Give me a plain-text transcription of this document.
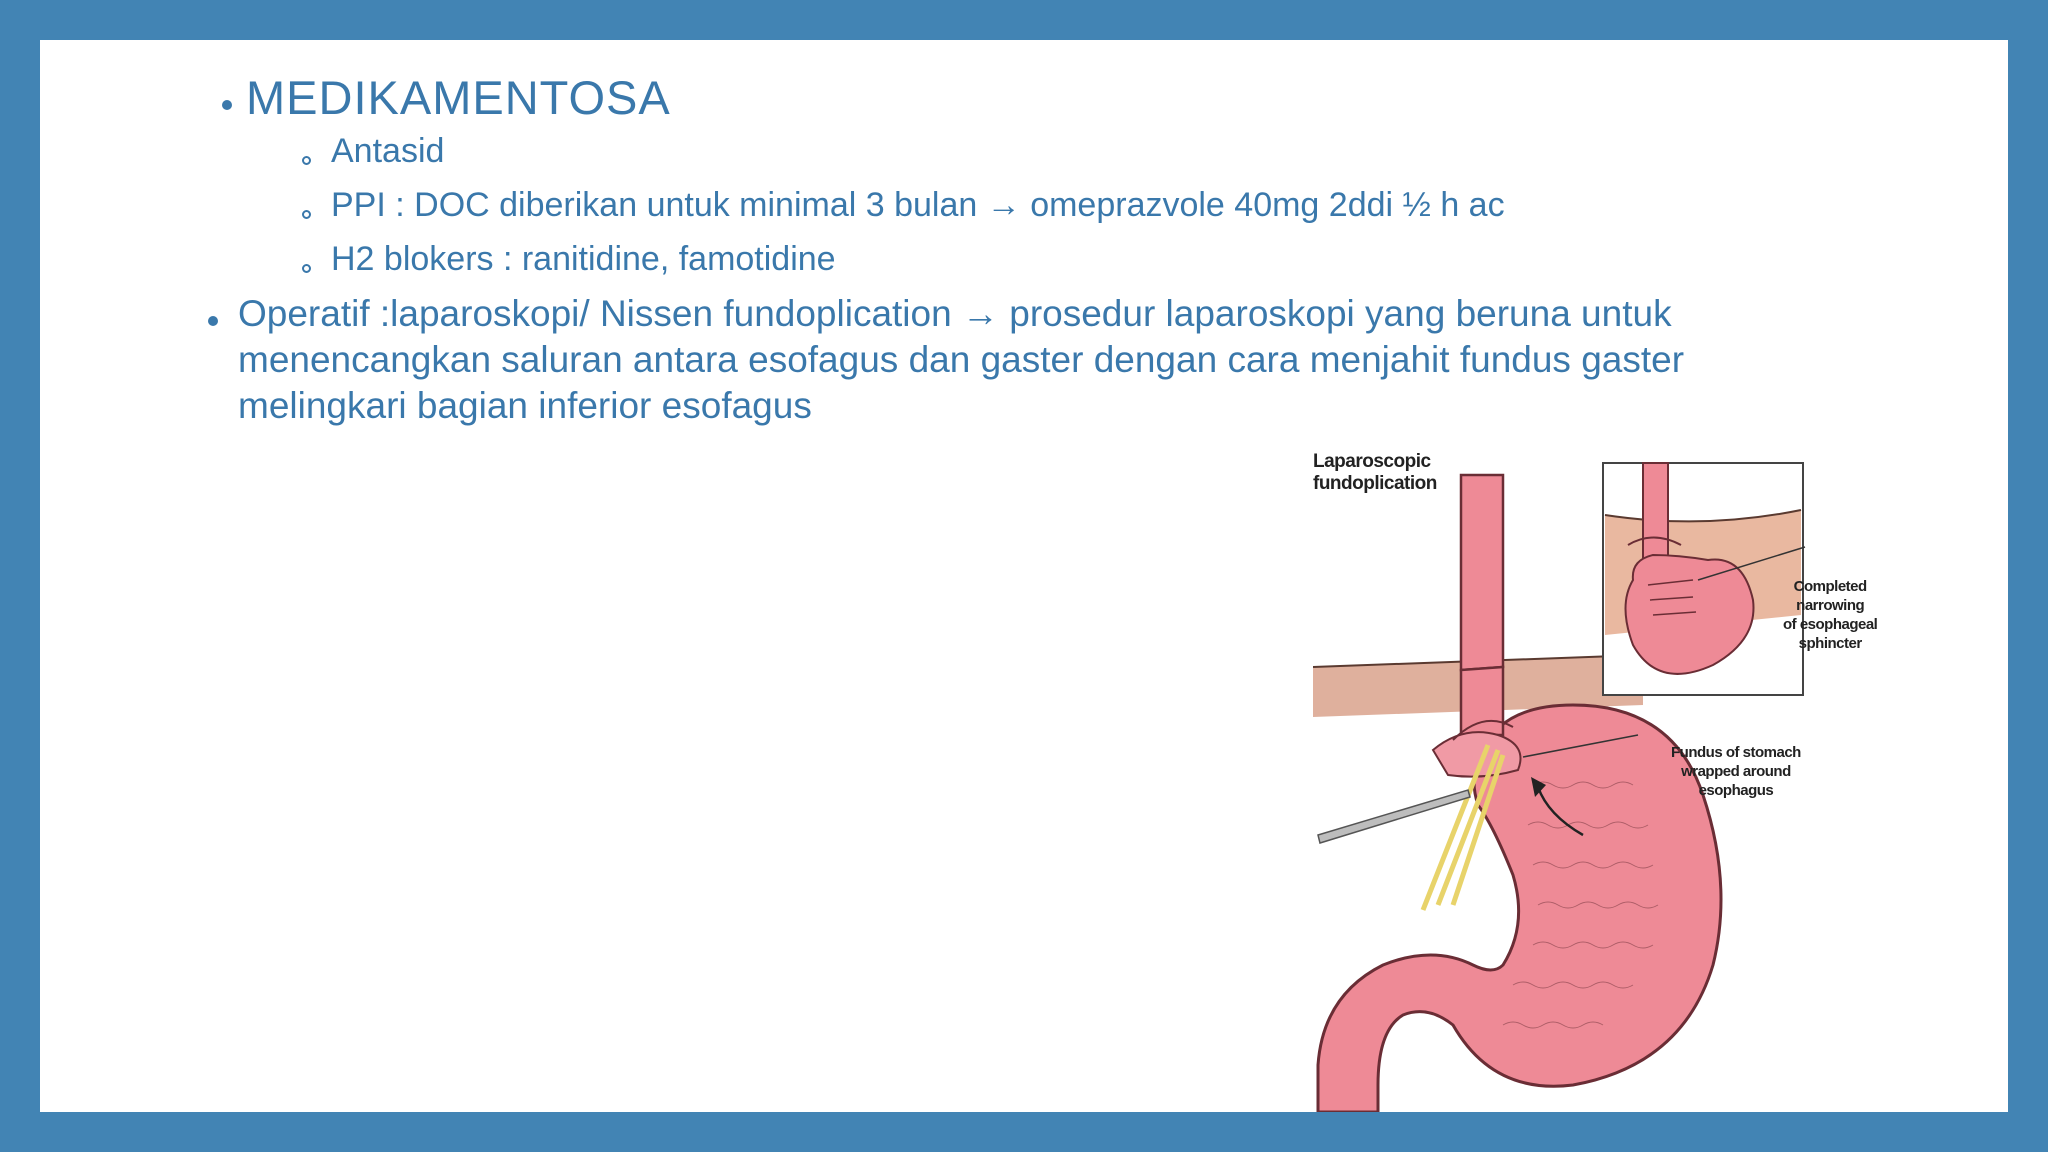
MEDIKAMENTOSA
Antasid
PPI : DOC diberikan untuk minimal 3 bulan → omeprazvole 40mg 2ddi ½ h ac
H2 blokers : ranitidine, famotidine
Operatif :laparoskopi/ Nissen fundoplication → prosedur laparoskopi yang beruna untuk
menencangkan saluran antara esofagus dan gaster dengan cara menjahit fundus gaster
melingkari bagian inferior esofagus
Laparoscopic
fundoplication
Completed
narrowing
of esophageal
sphincter
Fundus of stomach
wrapped around
esophagus
